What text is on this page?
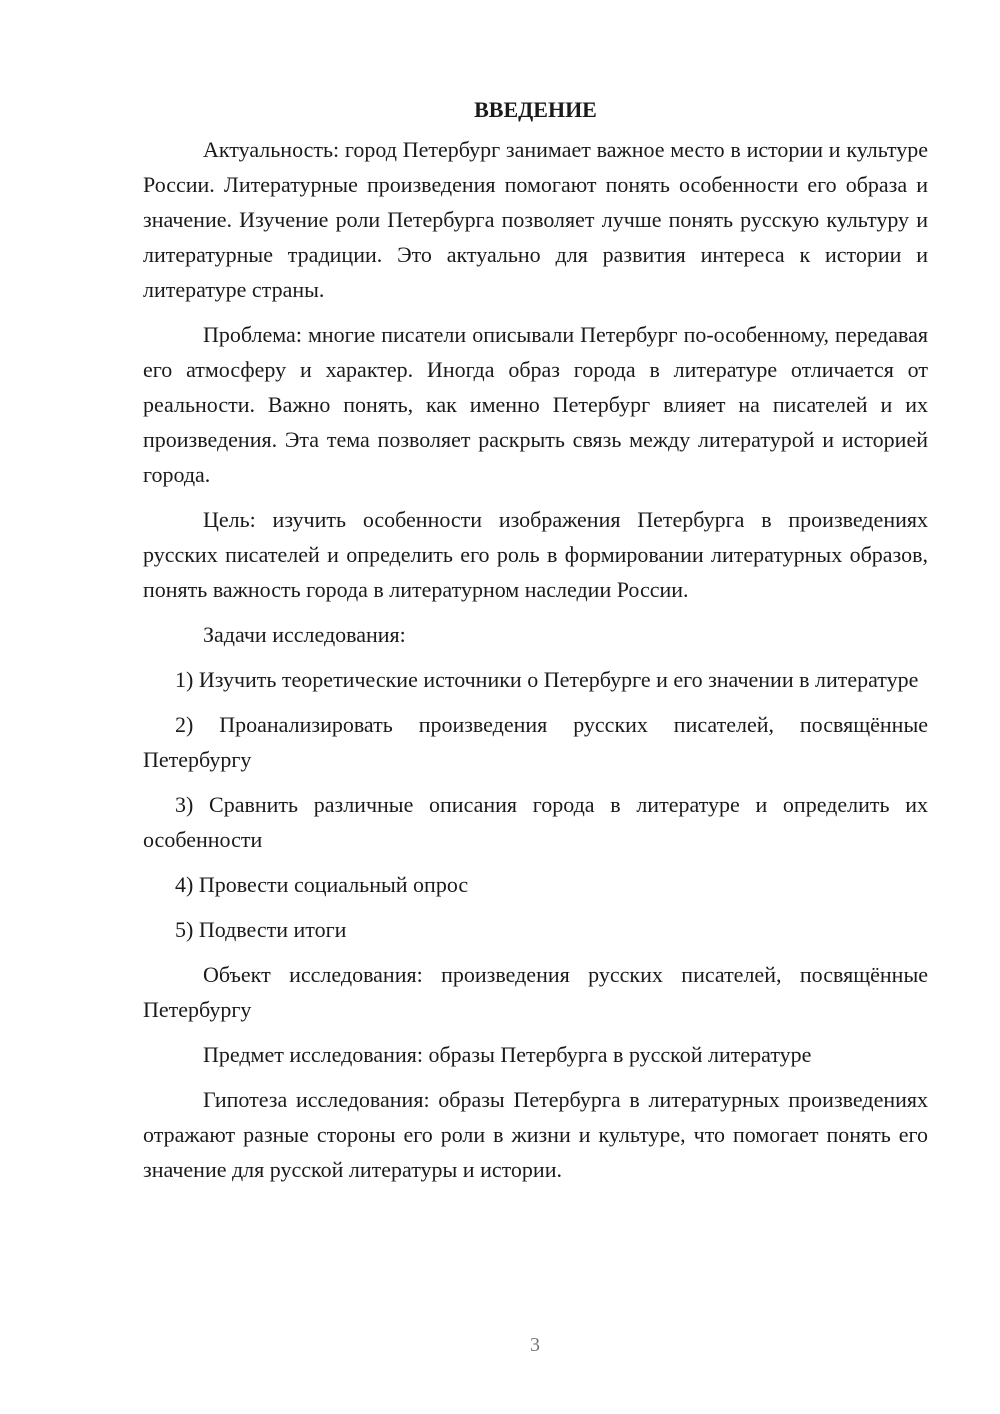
ВВЕДЕНИЕ

Актуальность: город Петербург занимает важное место в истории и культуре России. Литературные произведения помогают понять особенности его образа и значение. Изучение роли Петербурга позволяет лучше понять русскую культуру и литературные традиции. Это актуально для развития интереса к истории и литературе страны.

Проблема: многие писатели описывали Петербург по-особенному, передавая его атмосферу и характер. Иногда образ города в литературе отличается от реальности. Важно понять, как именно Петербург влияет на писателей и их произведения. Эта тема позволяет раскрыть связь между литературой и историей города.

Цель: изучить особенности изображения Петербурга в произведениях русских писателей и определить его роль в формировании литературных образов, понять важность города в литературном наследии России.

Задачи исследования:

1) Изучить теоретические источники о Петербурге и его значении в литературе

2) Проанализировать произведения русских писателей, посвящённые Петербургу

3) Сравнить различные описания города в литературе и определить их особенности

4) Провести социальный опрос

5) Подвести итоги

Объект исследования: произведения русских писателей, посвящённые Петербургу

Предмет исследования: образы Петербурга в русской литературе

Гипотеза исследования: образы Петербурга в литературных произведениях отражают разные стороны его роли в жизни и культуре, что помогает понять его значение для русской литературы и истории.

3
